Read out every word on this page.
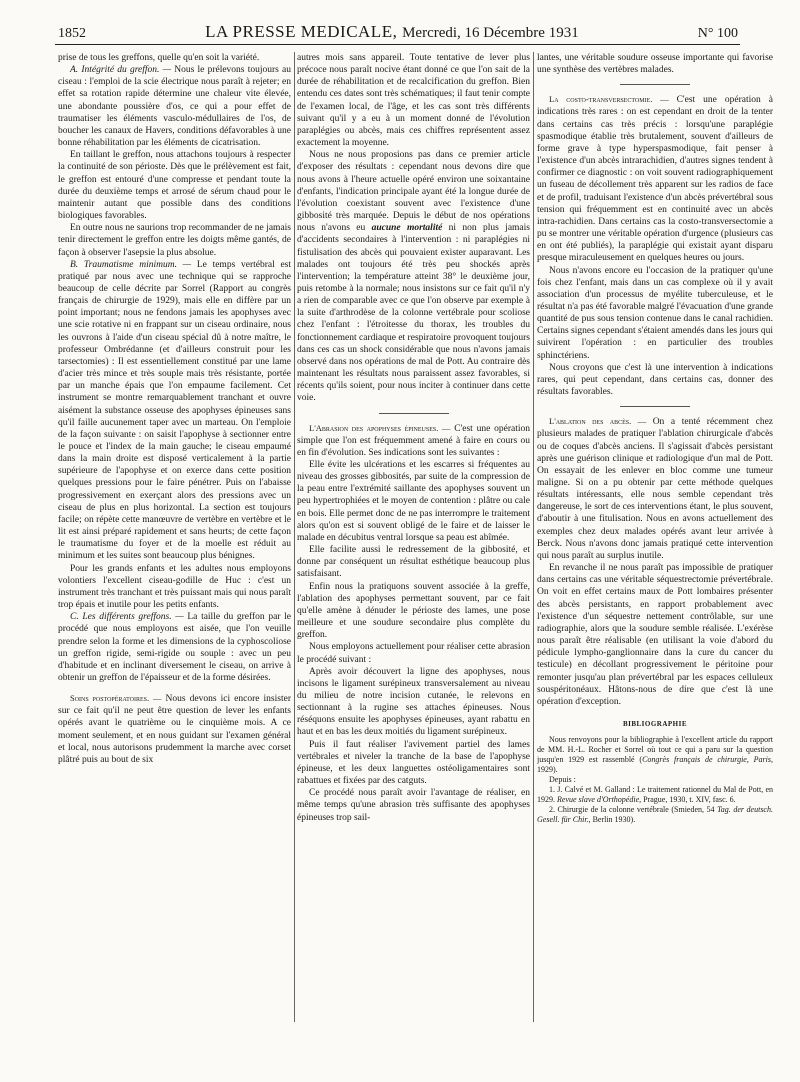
1852	LA PRESSE MEDICALE, Mercredi, 16 Décembre 1931	N° 100

prise de tous les greffons, quelle qu'en soit la variété.

A. Intégrité du greffon. — Nous le prélevons toujours au ciseau : l'emploi de la scie électrique nous paraît à rejeter; en effet sa rotation rapide détermine une chaleur vite élevée, une abondante poussière d'os, ce qui a pour effet de traumatiser les éléments vasculo-médullaires de l'os, de boucher les canaux de Havers, conditions défavorables à une bonne réhabilitation par les éléments de cicatrisation.

En taillant le greffon, nous attachons toujours à respecter la continuité de son périoste. Dès que le prélèvement est fait, le greffon est entouré d'une compresse et pendant toute la durée du deuxième temps et arrosé de sérum chaud pour le maintenir autant que possible dans des conditions biologiques favorables.

En outre nous ne saurions trop recommander de ne jamais tenir directement le greffon entre les doigts même gantés, de façon à observer l'asepsie la plus absolue.

B. Traumatisme minimum. — Le temps vertébral est pratiqué par nous avec une technique qui se rapproche beaucoup de celle décrite par Sorrel (Rapport au congrès français de chirurgie de 1929), mais elle en diffère par un point important; nous ne fendons jamais les apophyses avec une scie rotative ni en frappant sur un ciseau ordinaire, nous les ouvrons à l'aide d'un ciseau spécial dû à notre maître, le professeur Ombrédanne (et d'ailleurs construit pour les tarsectomies) : Il est essentiellement constitué par une lame d'acier très mince et très souple mais très résistante, portée par un manche épais que l'on empaume facilement. Cet instrument se montre remarquablement tranchant et ouvre aisément la substance osseuse des apophyses épineuses sans qu'il faille aucunement taper avec un marteau. On l'emploie de la façon suivante : on saisit l'apophyse à sectionner entre le pouce et l'index de la main gauche; le ciseau empaumé dans la main droite est disposé verticalement à la partie supérieure de l'apophyse et on exerce dans cette position quelques pressions pour le faire pénétrer. Puis on l'abaisse progressivement en exerçant alors des pressions avec un ciseau de plus en plus horizontal. La section est toujours facile; on répète cette manœuvre de vertèbre en vertèbre et le lit est ainsi préparé rapidement et sans heurts; de cette façon le traumatisme du foyer et de la moelle est réduit au minimum et les suites sont beaucoup plus bénignes.

Pour les grands enfants et les adultes nous employons volontiers l'excellent ciseau-godille de Huc : c'est un instrument très tranchant et très puissant mais qui nous paraît trop épais et inutile pour les petits enfants.

C. Les différents greffons. — La taille du greffon par le procédé que nous employons est aisée, que l'on veuille prendre selon la forme et les dimensions de la cyphoscoliose un greffon rigide, semi-rigide ou souple : avec un peu d'habitude et en inclinant diversement le ciseau, on arrive à obtenir un greffon de l'épaisseur et de la forme désirées.

Soins postopératoires. — Nous devons ici encore insister sur ce fait qu'il ne peut être question de lever les enfants opérés avant le quatrième ou le cinquième mois. A ce moment seulement, et en nous guidant sur l'examen général et local, nous autorisons prudemment la marche avec corset plâtré puis au bout de six

autres mois sans appareil. Toute tentative de lever plus précoce nous paraît nocive étant donné ce que l'on sait de la durée de réhabilitation et de recalcification du greffon. Bien entendu ces dates sont très schématiques; il faut tenir compte de l'examen local, de l'âge, et les cas sont très différents suivant qu'il y a eu à un moment donné de l'évolution paraplégies ou abcès, mais ces chiffres représentent assez exactement la moyenne.

Nous ne nous proposions pas dans ce premier article d'exposer des résultats : cependant nous devons dire que nous avons à l'heure actuelle opéré environ une soixantaine d'enfants, l'indication principale ayant été la longue durée de l'évolution coexistant souvent avec l'existence d'une gibbosité très marquée. Depuis le début de nos opérations nous n'avons eu aucune mortalité ni non plus jamais d'accidents secondaires à l'intervention : ni paraplégies ni fistulisation des abcès qui pouvaient exister auparavant. Les malades ont toujours été très peu shockés après l'intervention; la température atteint 38° le deuxième jour, puis retombe à la normale; nous insistons sur ce fait qu'il n'y a rien de comparable avec ce que l'on observe par exemple à la suite d'arthrodèse de la colonne vertébrale pour scoliose chez l'enfant : l'étroitesse du thorax, les troubles du fonctionnement cardiaque et respiratoire provoquent toujours dans ces cas un shock considérable que nous n'avons jamais observé dans nos opérations de mal de Pott. Au contraire dès maintenant les résultats nous paraissent assez favorables, si récents qu'ils soient, pour nous inciter à continuer dans cette voie.

L'Abrasion des apophyses épineuses. — C'est une opération simple que l'on est fréquemment amené à faire en cours ou en fin d'évolution. Ses indications sont les suivantes :

Elle évite les ulcérations et les escarres si fréquentes au niveau des grosses gibbosités, par suite de la compression de la peau entre l'extrémité saillante des apophyses souvent un peu hypertrophiées et le moyen de contention : plâtre ou cale en bois. Elle permet donc de ne pas interrompre le traitement alors qu'on est si souvent obligé de le faire et de laisser le malade en décubitus ventral lorsque sa peau est abîmée.

Elle facilite aussi le redressement de la gibbosité, et donne par conséquent un résultat esthétique beaucoup plus satisfaisant.

Enfin nous la pratiquons souvent associée à la greffe, l'ablation des apophyses permettant souvent, par ce fait qu'elle amène à dénuder le périoste des lames, une pose meilleure et une soudure secondaire plus complète du greffon.

Nous employons actuellement pour réaliser cette abrasion le procédé suivant :

Après avoir découvert la ligne des apophyses, nous incisons le ligament surépineux transversalement au niveau du milieu de notre incision cutanée, le relevons en sectionnant à la rugine ses attaches épineuses. Nous réséquons ensuite les apophyses épineuses, ayant rabattu en haut et en bas les deux moitiés du ligament surépineux.

Puis il faut réaliser l'avivement partiel des lames vertébrales et niveler la tranche de la base de l'apophyse épineuse, et les deux languettes ostéoligamentaires sont rabattues et fixées par des catguts.

Ce procédé nous paraît avoir l'avantage de réaliser, en même temps qu'une abrasion très suffisante des apophyses épineuses trop sail-

lantes, une véritable soudure osseuse importante qui favorise une synthèse des vertèbres malades.

La costo-transversectomie. — C'est une opération à indications très rares : on est cependant en droit de la tenter dans certains cas très précis : lorsqu'une paraplégie spasmodique établie très brutalement, souvent d'ailleurs de forme grave à type hyperspasmodique, fait penser à l'existence d'un abcès intrarachidien, d'autres signes tendent à confirmer ce diagnostic : on voit souvent radiographiquement un fuseau de décollement très apparent sur les radios de face et de profil, traduisant l'existence d'un abcès prévertébral sous tension qui fréquemment est en continuité avec un abcès intra-rachidien. Dans certains cas la costo-transversectomie a pu se montrer une véritable opération d'urgence (plusieurs cas en ont été publiés), la paraplégie qui existait ayant disparu presque miraculeusement en quelques heures ou jours.

Nous n'avons encore eu l'occasion de la pratiquer qu'une fois chez l'enfant, mais dans un cas complexe où il y avait association d'un processus de myélite tuberculeuse, et le résultat n'a pas été favorable malgré l'évacuation d'une grande quantité de pus sous tension contenue dans le canal rachidien. Certains signes cependant s'étaient amendés dans les jours qui suivirent l'opération : en particulier des troubles sphinctériens.

Nous croyons que c'est là une intervention à indications rares, qui peut cependant, dans certains cas, donner des résultats favorables.

L'ablation des abcès. — On a tenté récemment chez plusieurs malades de pratiquer l'ablation chirurgicale d'abcès ou de coques d'abcès anciens. Il s'agissait d'abcès persistant après une guérison clinique et radiologique d'un mal de Pott. On essayait de les enlever en bloc comme une tumeur maligne. Si on a pu obtenir par cette méthode quelques résultats intéressants, elle nous semble cependant très dangereuse, le sort de ces interventions étant, le plus souvent, d'aboutir à une fitulisation. Nous en avons actuellement des exemples chez deux malades opérés avant leur arrivée à Berck. Nous n'avons donc jamais pratiqué cette intervention qui nous paraît au surplus inutile.

En revanche il ne nous paraît pas impossible de pratiquer dans certains cas une véritable séquestrectomie prévertébrale. On voit en effet certains maux de Pott lombaires présenter des abcès persistants, en rapport probablement avec l'existence d'un séquestre nettement contrôlable, sur une radiographie, alors que la soudure semble réalisée. L'exérèse nous paraît être réalisable (en utilisant la voie d'abord du pédicule lympho-ganglionnaire dans la cure du cancer du testicule) en décollant progressivement le péritoine pour remonter jusqu'au plan prévertébral par les espaces celluleux souspéritonéaux. Hâtons-nous de dire que c'est là une opération d'exception.

BIBLIOGRAPHIE

Nous renvoyons pour la bibliographie à l'excellent article du rapport de MM. H.-L. Rocher et Sorrel où tout ce qui a paru sur la question jusqu'en 1929 est rassemblé (Congrès français de chirurgie, Paris, 1929).

Depuis :

1. J. Calvé et M. Galland : Le traitement rationnel du Mal de Pott, en 1929. Revue slave d'Orthopédie, Prague, 1930, t. XIV, fasc. 6.

2. Chirurgie de la colonne vertébrale (Smieden, 54 Tag. der deutsch. Gesell. für Chir., Berlin 1930).
